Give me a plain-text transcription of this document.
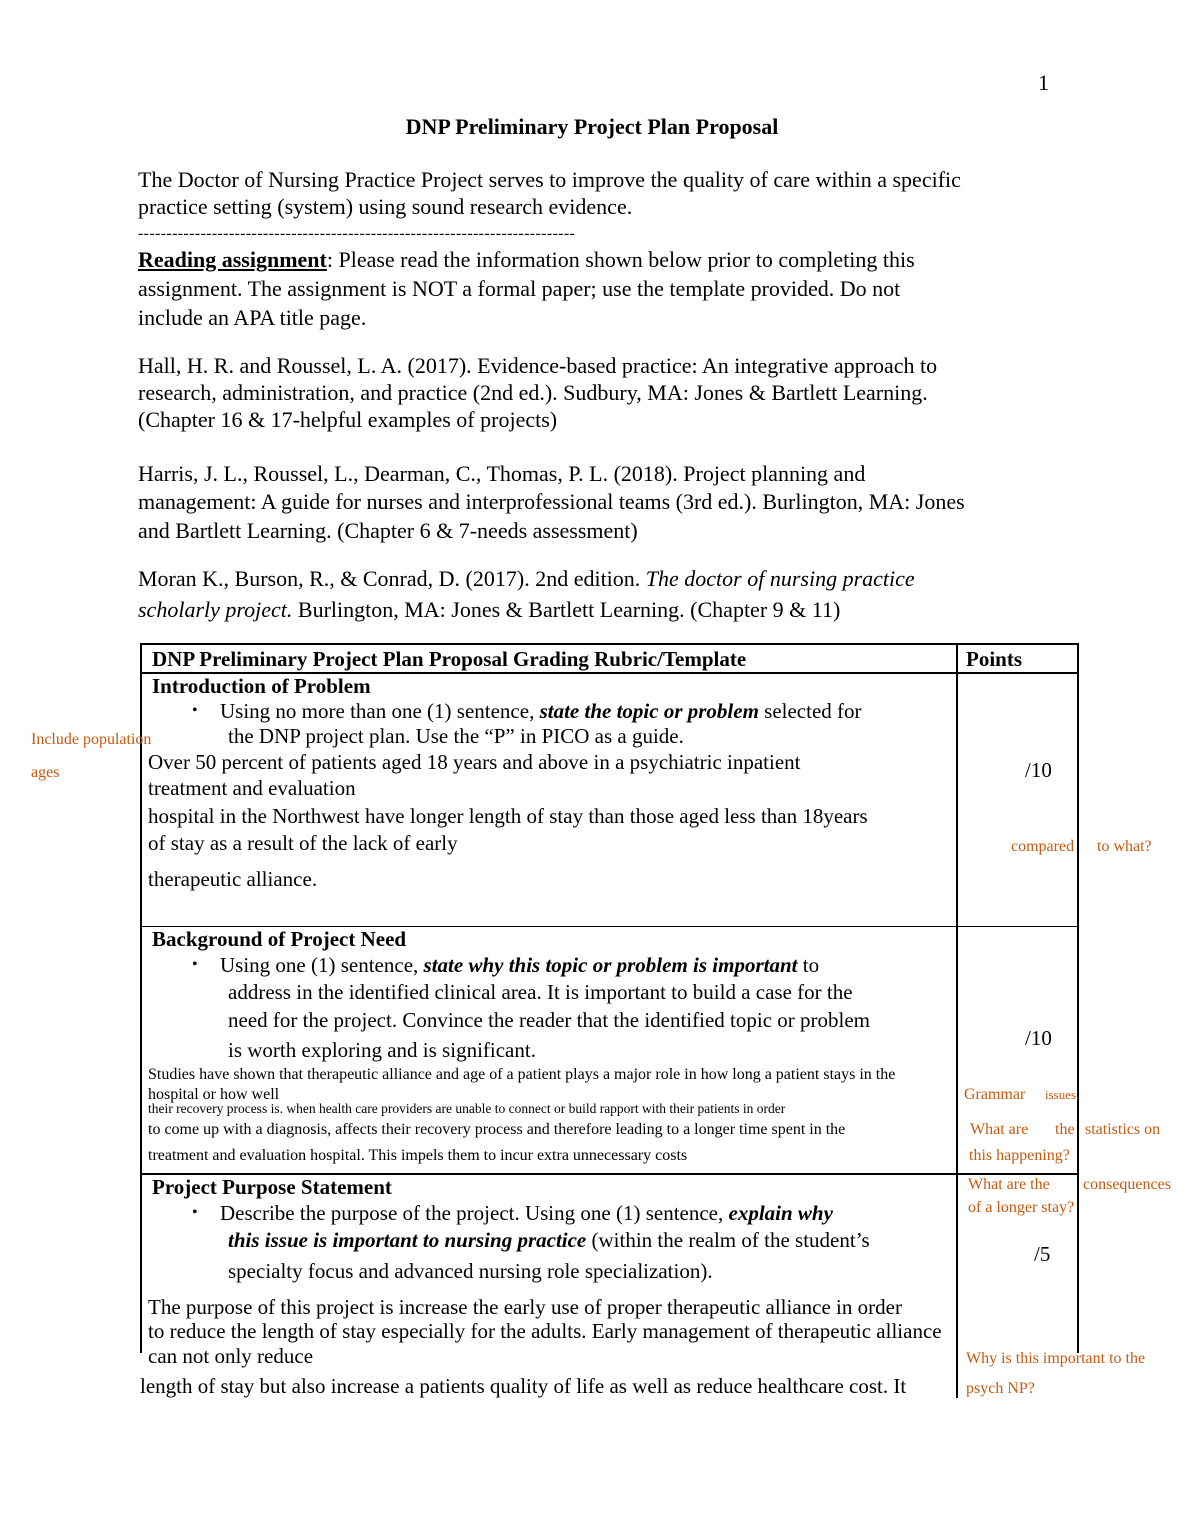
1
DNP Preliminary Project Plan Proposal
The Doctor of Nursing Practice Project serves to improve the quality of care within a specific
practice setting (system) using sound research evidence.
-----------------------------------------------------------------------------
Reading assignment: Please read the information shown below prior to completing this
assignment. The assignment is NOT a formal paper; use the template provided. Do not
include an APA title page.
Hall, H. R. and Roussel, L. A. (2017). Evidence-based practice: An integrative approach to
research, administration, and practice (2nd ed.). Sudbury, MA: Jones & Bartlett Learning.
(Chapter 16 & 17-helpful examples of projects)
Harris, J. L., Roussel, L., Dearman, C., Thomas, P. L. (2018). Project planning and
management: A guide for nurses and interprofessional teams (3rd ed.). Burlington, MA: Jones
and Bartlett Learning. (Chapter 6 & 7-needs assessment)
Moran K., Burson, R., & Conrad, D. (2017). 2nd edition. The doctor of nursing practice
scholarly project. Burlington, MA: Jones & Bartlett Learning. (Chapter 9 & 11)
DNP Preliminary Project Plan Proposal Grading Rubric/Template	Points
Introduction of Problem
• Using no more than one (1) sentence, state the topic or problem selected for
the DNP project plan. Use the “P” in PICO as a guide.
Over 50 percent of patients aged 18 years and above in a psychiatric inpatient
treatment and evaluation
hospital in the Northwest have longer length of stay than those aged less than 18years
of stay as a result of the lack of early
therapeutic alliance.
/10
Background of Project Need
• Using one (1) sentence, state why this topic or problem is important to
address in the identified clinical area. It is important to build a case for the
need for the project. Convince the reader that the identified topic or problem
is worth exploring and is significant.
Studies have shown that therapeutic alliance and age of a patient plays a major role in how long a patient stays in the
hospital or how well
their recovery process is. when health care providers are unable to connect or build rapport with their patients in order
to come up with a diagnosis, affects their recovery process and therefore leading to a longer time spent in the
treatment and evaluation hospital. This impels them to incur extra unnecessary costs
/10
Project Purpose Statement
• Describe the purpose of the project. Using one (1) sentence, explain why
this issue is important to nursing practice (within the realm of the student’s
specialty focus and advanced nursing role specialization).
The purpose of this project is increase the early use of proper therapeutic alliance in order
to reduce the length of stay especially for the adults. Early management of therapeutic alliance
can not only reduce
length of stay but also increase a patients quality of life as well as reduce healthcare cost. It
/5
Include population
ages
compared to what?
Grammar issues.
What are the statistics on
this happening?
What are the consequences
of a longer stay?
Why is this important to the
psych NP?
